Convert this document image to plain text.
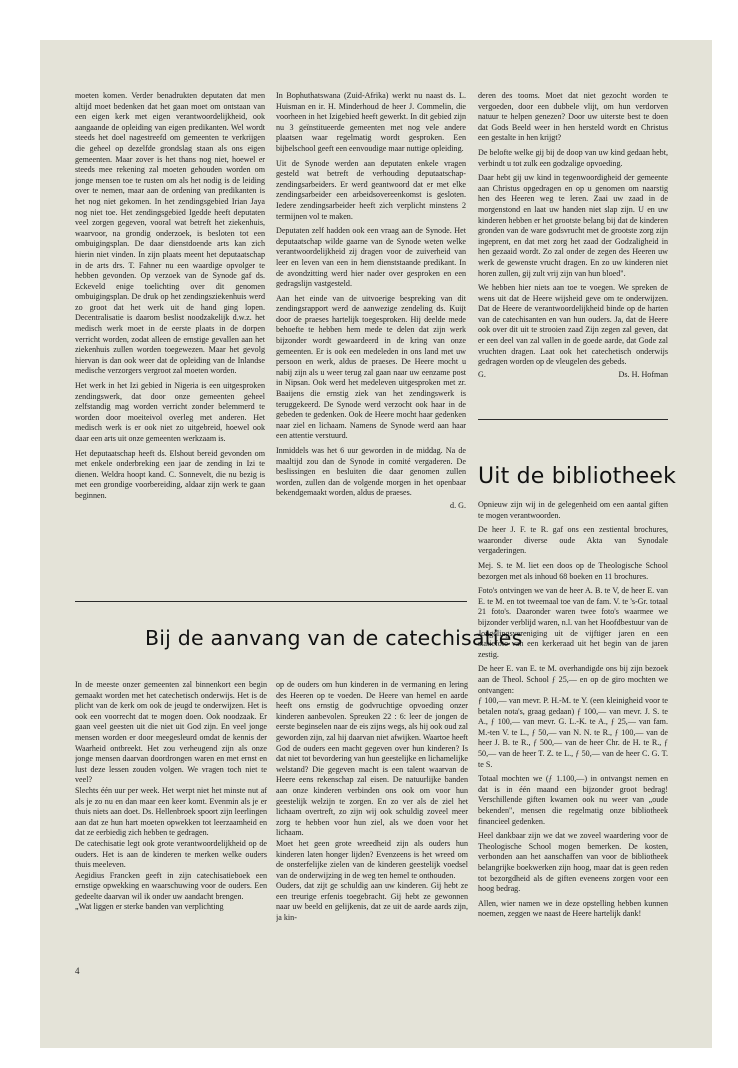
moeten komen. Verder benadrukten deputaten dat men altijd moet bedenken dat het gaan moet om ontstaan van een eigen kerk met eigen verantwoordelijkheid, ook aangaande de opleiding van eigen predikanten. Wel wordt steeds het doel nagestreefd om gemeenten te verkrijgen die geheel op dezelfde grondslag staan als ons eigen gemeenten. Maar zover is het thans nog niet, hoewel er steeds mee rekening zal moeten gehouden worden om jonge mensen toe te rusten om als het nodig is de leiding over te nemen, maar aan de ordening van predikanten is het nog niet gekomen. In het zendingsgebied Irian Jaya nog niet toe. Het zendingsgebied Igedde heeft deputaten veel zorgen gegeven, vooral wat betreft het ziekenhuis, waarvoor, na grondig onderzoek, is besloten tot een ombuigingsplan. De daar dienstdoende arts kan zich hierin niet vinden. In zijn plaats meent het deputaatschap in de arts drs. T. Fahner nu een waardige opvolger te hebben gevonden. Op verzoek van de Synode gaf ds. Eckeveld enige toelichting over dit genomen ombuigingsplan. De druk op het zendingsziekenhuis werd zo groot dat het werk uit de hand ging lopen. Decentralisatie is daarom beslist noodzakelijk d.w.z. het medisch werk moet in de eerste plaats in de dorpen verricht worden, zodat alleen de ernstige gevallen aan het ziekenhuis zullen worden toegewezen. Maar het gevolg hiervan is dan ook weer dat de opleiding van de Inlandse medische verzorgers vergroot zal moeten worden.

Het werk in het Izi gebied in Nigeria is een uitgesproken zendingswerk, dat door onze gemeenten geheel zelfstandig mag worden verricht zonder belemmerd te worden door moeiteivol overleg met anderen. Het medisch werk is er ook niet zo uitgebreid, hoewel ook daar een arts uit onze gemeenten werkzaam is.

Het deputaatschap heeft ds. Elshout bereid gevonden om met enkele onderbreking een jaar de zending in Izi te dienen. Weldra hoopt kand. C. Sonnevelt, die nu bezig is met een grondige voorbereiding, aldaar zijn werk te gaan beginnen.

In Bophuthatswana (Zuid-Afrika) werkt nu naast ds. L. Huisman en ir. H. Minderhoud de heer J. Commelin, die voorheen in het Izigebied heeft gewerkt. In dit gebied zijn nu 3 geïnstitueerde gemeenten met nog vele andere plaatsen waar regelmatig wordt gesproken. Een bijbelschool geeft een eenvoudige maar nuttige opleiding.

Uit de Synode werden aan deputaten enkele vragen gesteld wat betreft de verhouding deputaatschap- zendingsarbeiders. Er werd geantwoord dat er met elke zendingsarbeider een arbeidsovereenkomst is gesloten. Iedere zendingsarbeider heeft zich verplicht minstens 2 termijnen vol te maken.

Deputaten zelf hadden ook een vraag aan de Synode. Het deputaatschap wilde gaarne van de Synode weten welke verantwoordelijkheid zij dragen voor de zuiverheid van leer en leven van een in hem dienststaande predikant. In de avondzitting werd hier nader over gesproken en een gedragslijn vastgesteld.

Aan het einde van de uitvoerige bespreking van dit zendingsrapport werd de aanwezige zendeling ds. Kuijt door de praeses hartelijk toegesproken. Hij deelde mede behoefte te hebben hem mede te delen dat zijn werk bijzonder wordt gewaardeerd in de kring van onze gemeenten. Er is ook een medeleden in ons land met uw persoon en werk, aldus de praeses. De Heere mocht u nabij zijn als u weer terug zal gaan naar uw eenzame post in Nipsan. Ook werd het medeleven uitgesproken met zr. Baaijens die ernstig ziek van het zendingswerk is teruggekeerd. De Synode werd verzocht ook haar in de gebeden te gedenken. Ook de Heere mocht haar gedenken naar ziel en lichaam. Namens de Synode werd aan haar een attentie verstuurd.

Inmiddels was het 6 uur geworden in de middag. Na de maaltijd zou dan de Synode in comité vergaderen. De beslissingen en besluiten die daar genomen zullen worden, zullen dan de volgende morgen in het openbaar bekendgemaakt worden, aldus de praeses.

d. G.

deren des tooms. Moet dat niet gezocht worden te vergoeden, door een dubbele vlijt, om hun verdorven natuur te helpen genezen? Door uw uiterste best te doen dat Gods Beeld weer in hen hersteld wordt en Christus een gestalte in hen krijgt?

De belofte welke gij bij de doop van uw kind gedaan hebt, verbindt u tot zulk een godzalige opvoeding.

Daar hebt gij uw kind in tegenwoordigheid der gemeente aan Christus opgedragen en op u genomen om naarstig hen des Heeren weg te leren. Zaai uw zaad in de morgenstond en laat uw handen niet slap zijn. U en uw kinderen hebben er het grootste belang bij dat de kinderen gronden van de ware godsvrucht met de grootste zorg zijn ingeprent, en dat met zorg het zaad der Godzaligheid in hen gezaaid wordt. Zo zal onder de zegen des Heeren uw werk de gewenste vrucht dragen. En zo uw kinderen niet horen zullen, gij zult vrij zijn van hun bloed".

We hebben hier niets aan toe te voegen. We spreken de wens uit dat de Heere wijsheid geve om te onderwijzen. Dat de Heere de verantwoordelijkheid binde op de harten van de catechisanten en van hun ouders. Ja, dat de Heere ook over dit uit te strooien zaad Zijn zegen zal geven, dat er een deel van zal vallen in de goede aarde, dat Gode zal vruchten dragen. Laat ook het catechetisch onderwijs gedragen worden op de vleugelen des gebeds.

G.	Ds. H. Hofman
Uit de bibliotheek

Opnieuw zijn wij in de gelegenheid om een aantal giften te mogen verantwoorden.

De heer J. F. te R. gaf ons een zestiental brochures, waaronder diverse oude Akta van Synodale vergaderingen.

Mej. S. te M. liet een doos op de Theologische School bezorgen met als inhoud 68 boeken en 11 brochures.

Foto's ontvingen we van de heer A. B. te V, de heer E. van E. te M. en tot tweemaal toe van de fam. V. te 's-Gr. totaal 21 foto's. Daaronder waren twee foto's waarmee we bijzonder verblijd waren, n.l. van het Hoofdbestuur van de Jongelingsvereniging uit de vijftiger jaren en een statiefoto van een kerkeraad uit het begin van de jaren zestig.

De heer E. van E. te M. overhandigde ons bij zijn bezoek aan de Theol. School ƒ 25,— en op de giro mochten we ontvangen:

ƒ 100,— van mevr. P. H.-M. te Y. (een kleinigheid voor te betalen nota's, graag gedaan) ƒ 100,— van mevr. J. S. te A., ƒ 100,— van mevr. G. L.-K. te A., ƒ 25,— van fam. M.-ten V. te L., ƒ 50,— van N. N. te R., ƒ 100,— van de heer J. B. te R., ƒ 500,— van de heer Chr. de H. te R., ƒ 50,— van de heer T. Z. te L., ƒ 50,— van de heer C. G. T. te S.

Totaal mochten we (ƒ 1.100,—) in ontvangst nemen en dat is in één maand een bijzonder groot bedrag! Verschillende giften kwamen ook nu weer van „oude bekenden", mensen die regelmatig onze bibliotheek financieel gedenken.

Heel dankbaar zijn we dat we zoveel waardering voor de Theologische School mogen bemerken. De kosten, verbonden aan het aanschaffen van voor de bibliotheek belangrijke boekwerken zijn hoog, maar dat is geen reden tot bezorgdheid als de giften eveneens zorgen voor een hoog bedrag.

Allen, wier namen we in deze opstelling hebben kunnen noemen, zeggen we naast de Heere hartelijk dank!

Bij de aanvang van de catechisaties

In de meeste onzer gemeenten zal binnenkort een begin gemaakt worden met het catechetisch onderwijs. Het is de plicht van de kerk om ook de jeugd te onderwijzen. Het is ook een voorrecht dat te mogen doen. Ook noodzaak. Er gaan veel geesten uit die niet uit God zijn. En veel jonge mensen worden er door meegesleurd omdat de kennis der Waarheid ontbreekt. Het zou verheugend zijn als onze jonge mensen daarvan doordrongen waren en met ernst en lust deze lessen zouden volgen. We vragen toch niet te veel?

Slechts één uur per week. Het werpt niet het minste nut af als je zo nu en dan maar een keer komt. Evenmin als je er thuis niets aan doet. Ds. Hellenbroek spoort zijn leerlingen aan dat ze hun hart moeten opwekken tot leerzaamheid en dat ze eerbiedig zich hebben te gedragen.

De catechisatie legt ook grote verantwoordelijkheid op de ouders. Het is aan de kinderen te merken welke ouders thuis meeleven.

Aegidius Francken geeft in zijn catechisatieboek een ernstige opwekking en waarschuwing voor de ouders. Een gedeelte daarvan wil ik onder uw aandacht brengen.

„Wat liggen er sterke banden van verplichting

op de ouders om hun kinderen in de vermaning en lering des Heeren op te voeden. De Heere van hemel en aarde heeft ons ernstig de godvruchtige opvoeding onzer kinderen aanbevolen. Spreuken 22 : 6: leer de jongen de eerste beginselen naar de eis zijns wegs, als hij ook oud zal geworden zijn, zal hij daarvan niet afwijken. Waartoe heeft God de ouders een macht gegeven over hun kinderen? Is dat niet tot bevordering van hun geestelijke en lichamelijke welstand? Die gegeven macht is een talent waarvan de Heere eens rekenschap zal eisen. De natuurlijke banden aan onze kinderen verbinden ons ook om voor hun geestelijk welzijn te zorgen. En zo ver als de ziel het lichaam overtreft, zo zijn wij ook schuldig zoveel meer zorg te hebben voor hun ziel, als we doen voor het lichaam.

Moet het geen grote wreedheid zijn als ouders hun kinderen laten honger lijden? Evenzeens is het wreed om de onsterfelijke zielen van de kinderen geestelijk voedsel van de onderwijzing in de weg ten hemel te onthouden.

Ouders, dat zijt ge schuldig aan uw kinderen. Gij hebt ze een treurige erfenis toegebracht. Gij hebt ze gewonnen naar uw beeld en gelijkenis, dat ze uit de aarde aards zijn, ja kin-

4
